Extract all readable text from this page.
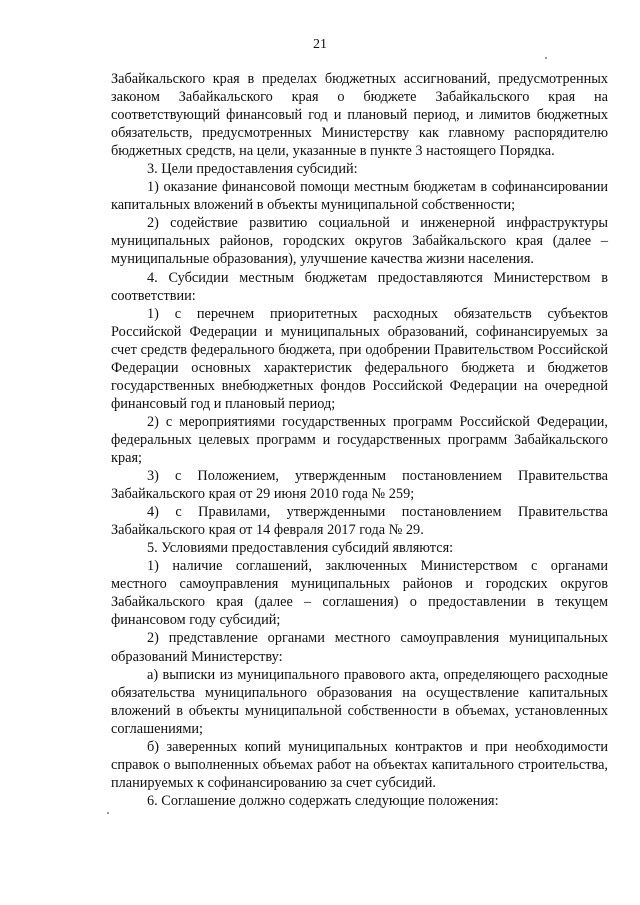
21

Забайкальского края в пределах бюджетных ассигнований, предусмотренных законом Забайкальского края о бюджете Забайкальского края на соответствующий финансовый год и плановый период, и лимитов бюджетных обязательств, предусмотренных Министерству как главному распорядителю бюджетных средств, на цели, указанные в пункте 3 настоящего Порядка.

3. Цели предоставления субсидий:

1) оказание финансовой помощи местным бюджетам в софинансировании капитальных вложений в объекты муниципальной собственности;

2) содействие развитию социальной и инженерной инфраструктуры муниципальных районов, городских округов Забайкальского края (далее – муниципальные образования), улучшение качества жизни населения.

4. Субсидии местным бюджетам предоставляются Министерством в соответствии:

1) с перечнем приоритетных расходных обязательств субъектов Российской Федерации и муниципальных образований, софинансируемых за счет средств федерального бюджета, при одобрении Правительством Российской Федерации основных характеристик федерального бюджета и бюджетов государственных внебюджетных фондов Российской Федерации на очередной финансовый год и плановый период;

2) с мероприятиями государственных программ Российской Федерации, федеральных целевых программ и государственных программ Забайкальского края;

3) с Положением, утвержденным постановлением Правительства Забайкальского края от 29 июня 2010 года № 259;

4) с Правилами, утвержденными постановлением Правительства Забайкальского края от 14 февраля 2017 года № 29.

5. Условиями предоставления субсидий являются:

1) наличие соглашений, заключенных Министерством с органами местного самоуправления муниципальных районов и городских округов Забайкальского края (далее – соглашения) о предоставлении в текущем финансовом году субсидий;

2) представление органами местного самоуправления муниципальных образований Министерству:

а) выписки из муниципального правового акта, определяющего расходные обязательства муниципального образования на осуществление капитальных вложений в объекты муниципальной собственности в объемах, установленных соглашениями;

б) заверенных копий муниципальных контрактов и при необходимости справок о выполненных объемах работ на объектах капитального строительства, планируемых к софинансированию за счет субсидий.

6. Соглашение должно содержать следующие положения:
